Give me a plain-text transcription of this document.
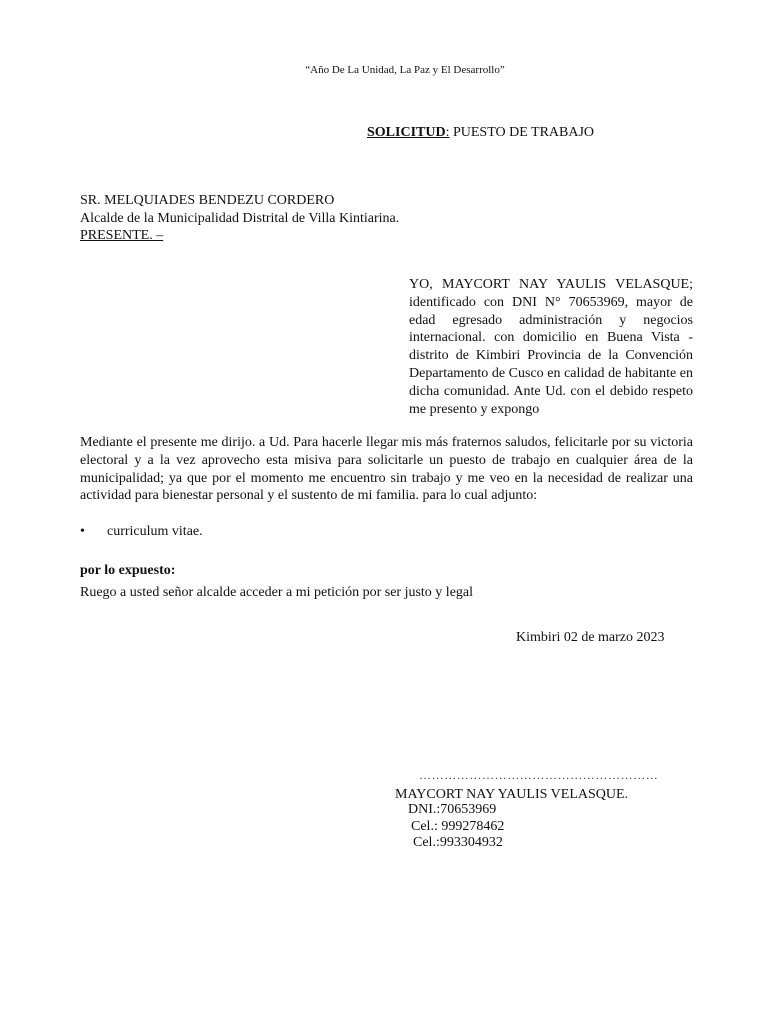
“Año De La Unidad, La Paz y El Desarrollo”

SOLICITUD: PUESTO DE TRABAJO

SR. MELQUIADES BENDEZU CORDERO
Alcalde de la Municipalidad Distrital de Villa Kintiarina.
PRESENTE. –

YO, MAYCORT NAY YAULIS VELASQUE; identificado con DNI N° 70653969, mayor de edad egresado administración y negocios internacional. con domicilio en Buena Vista - distrito de Kimbiri Provincia de la Convención Departamento de Cusco en calidad de habitante en dicha comunidad. Ante Ud. con el debido respeto me presento y expongo

Mediante el presente me dirijo. a Ud. Para hacerle llegar mis más fraternos saludos, felicitarle por su victoria electoral y a la vez aprovecho esta misiva para solicitarle un puesto de trabajo en cualquier área de la municipalidad; ya que por el momento me encuentro sin trabajo y me veo en la necesidad de realizar una actividad para bienestar personal y el sustento de mi familia. para lo cual adjunto:

• curriculum vitae.

por lo expuesto:

Ruego a usted señor alcalde acceder a mi petición por ser justo y legal

Kimbiri 02 de marzo 2023

…………………………………………………

MAYCORT NAY YAULIS VELASQUE.

DNI.:70653969

Cel.: 999278462

Cel.:993304932
